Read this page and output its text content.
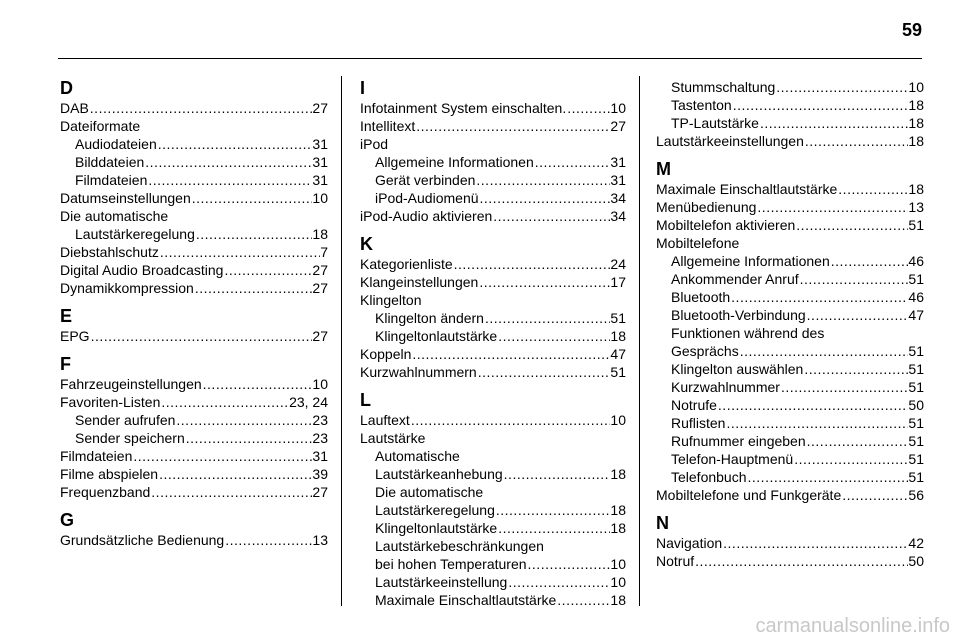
59
D
DAB .....	27
Dateiformate
Audiodateien .....	31
Bilddateien .....	31
Filmdateien .....	31
Datumseinstellungen .....	10
Die automatische
Lautstärkeregelung .....	18
Diebstahlschutz .....	7
Digital Audio Broadcasting .....	27
Dynamikkompression .....	27
E
EPG .....	27
F
Fahrzeugeinstellungen .....	10
Favoriten-Listen .....	23, 24
Sender aufrufen .....	23
Sender speichern .....	23
Filmdateien .....	31
Filme abspielen .....	39
Frequenzband .....	27
G
Grundsätzliche Bedienung .....	13
I
Infotainment System einschalten. .....	10
Intellitext .....	27
iPod
Allgemeine Informationen .....	31
Gerät verbinden .....	31
iPod-Audiomenü .....	34
iPod-Audio aktivieren .....	34
K
Kategorienliste .....	24
Klangeinstellungen .....	17
Klingelton
Klingelton ändern .....	51
Klingeltonlautstärke .....	18
Koppeln .....	47
Kurzwahlnummern .....	51
L
Lauftext .....	10
Lautstärke
Automatische
Lautstärkeanhebung .....	18
Die automatische
Lautstärkeregelung .....	18
Klingeltonlautstärke .....	18
Lautstärkebeschränkungen
bei hohen Temperaturen .....	10
Lautstärkeeinstellung .....	10
Maximale Einschaltlautstärke .....	18
Stummschaltung .....	10
Tastenton .....	18
TP-Lautstärke .....	18
Lautstärkeeinstellungen .....	18
M
Maximale Einschaltlautstärke .....	18
Menübedienung .....	13
Mobiltelefon aktivieren .....	51
Mobiltelefone
Allgemeine Informationen .....	46
Ankommender Anruf .....	51
Bluetooth .....	46
Bluetooth-Verbindung .....	47
Funktionen während des
Gesprächs .....	51
Klingelton auswählen .....	51
Kurzwahlnummer .....	51
Notrufe .....	50
Ruflisten .....	51
Rufnummer eingeben .....	51
Telefon-Hauptmenü .....	51
Telefonbuch .....	51
Mobiltelefone und Funkgeräte .....	56
N
Navigation .....	42
Notruf .....	50
carmanualsonline.info
